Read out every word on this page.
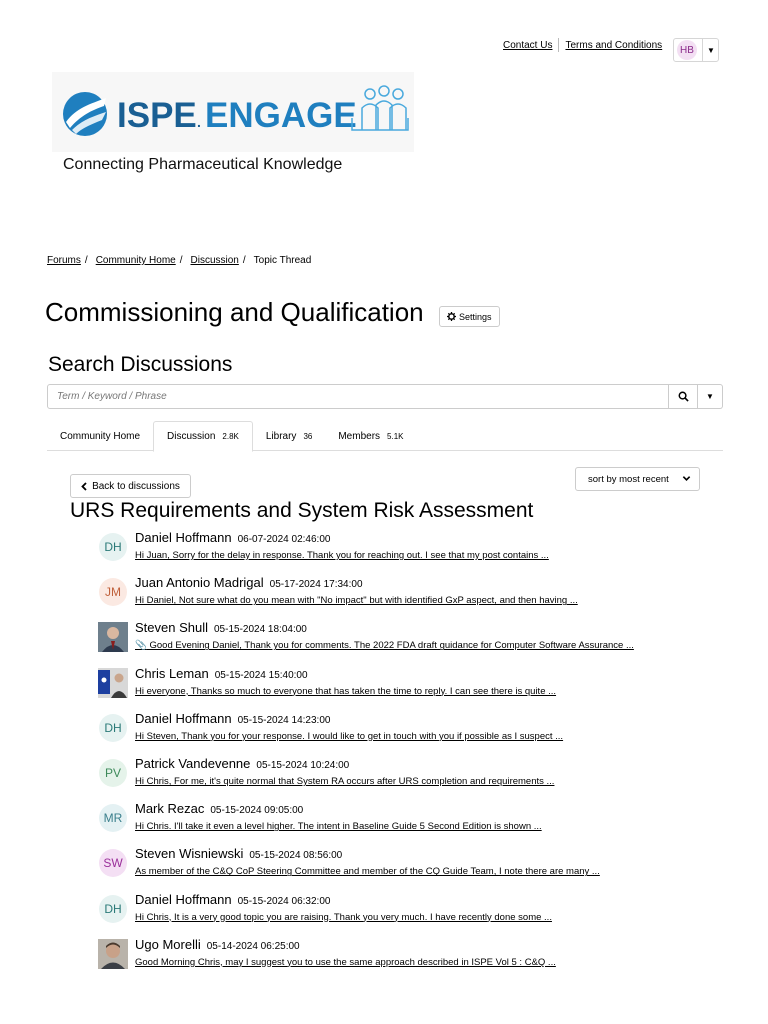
Contact Us Terms and Conditions	HB	▼
ISPE . ENGAGE
Connecting Pharmaceutical Knowledge
Forums / Community Home / Discussion / Topic Thread
Commissioning and Qualification	Settings
Search Discussions
Term / Keyword / Phrase
▼
Community Home	Discussion 2.8K	Library 36	Members 5.1K
Back to discussions
sort by most recent
URS Requirements and System Risk Assessment
DH
Daniel Hoffmann 06-07-2024 02:46:00
Hi Juan, Sorry for the delay in response. Thank you for reaching out. I see that my post contains ...
JM
Juan Antonio Madrigal 05-17-2024 17:34:00
Hi Daniel, Not sure what do you mean with "No impact" but with identified GxP aspect, and then having ...
Steven Shull 05-15-2024 18:04:00
📎 Good Evening Daniel, Thank you for comments. The 2022 FDA draft guidance for Computer Software Assurance ...
Chris Leman 05-15-2024 15:40:00
Hi everyone, Thanks so much to everyone that has taken the time to reply. I can see there is quite ...
DH
Daniel Hoffmann 05-15-2024 14:23:00
Hi Steven, Thank you for your response. I would like to get in touch with you if possible as I suspect ...
PV
Patrick Vandevenne 05-15-2024 10:24:00
Hi Chris, For me, it's quite normal that System RA occurs after URS completion and requirements ...
MR
Mark Rezac 05-15-2024 09:05:00
Hi Chris. I'll take it even a level higher. The intent in Baseline Guide 5 Second Edition is shown ...
SW
Steven Wisniewski 05-15-2024 08:56:00
As member of the C&Q CoP Steering Committee and member of the CQ Guide Team, I note there are many ...
DH
Daniel Hoffmann 05-15-2024 06:32:00
Hi Chris, It is a very good topic you are raising. Thank you very much. I have recently done some ...
Ugo Morelli 05-14-2024 06:25:00
Good Morning Chris, may I suggest you to use the same approach described in ISPE Vol 5 : C&Q ...
